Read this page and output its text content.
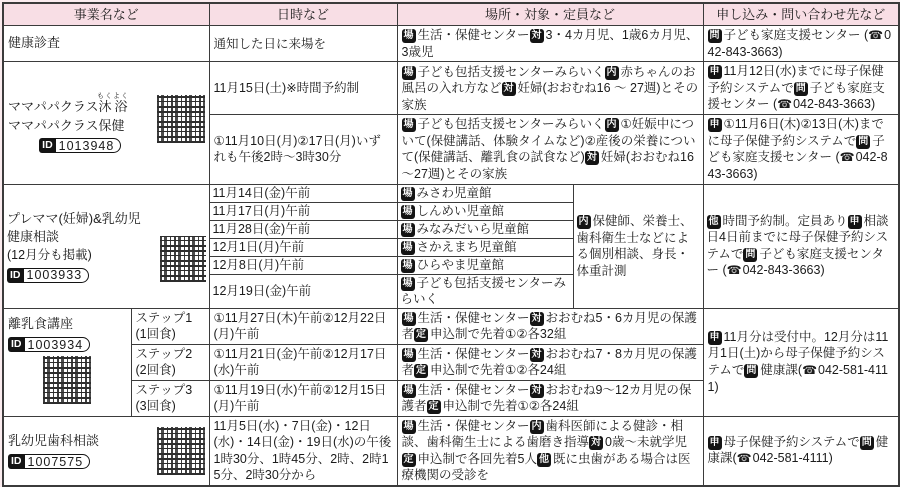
事業名など		日時など	場所・対象・定員など		申し込み・問い合わせ先など
健康診査		通知した日に来場を	場 生活・保健センター 対 3・4カ月児、1歳6カ月児、3歳児		問 子ども家庭支援センター (☎042-843-3663)

ママパパクラス沐浴もくよく
ママパパクラス保健
ID 1013948		11月15日(土)※時間予約制	場 子ども包括支援センターみらいく 内 赤ちゃんのお風呂の入れ方など 対 妊婦(おおむね16 ～ 27週)とその家族		申 11月12日(水)までに母子保健予約システムで 問 子ども家庭支援センター (☎042-843-3663)
		①11月10日(月)②17日(月)いずれも午後2時～3時30分	場 子ども包括支援センターみらいく 内 ①妊娠中について(保健講話、体験タイムなど)②産後の栄養について(保健講話、離乳食の試食など) 対 妊婦(おおむね16～27週)とその家族		申 ①11月6日(木)②13日(木)までに母子保健予約システムで 問 子ども家庭支援センター (☎042-843-3663)

プレママ(妊婦)&乳幼児
健康相談
(12月分も掲載)
ID 1003933		11月14日(金)午前	場 みさわ児童館	内 保健師、栄養士、歯科衛生士などによる個別相談、身長・体重計測	他 時間予約制。定員あり 申 相談日4日前までに母子保健予約システムで 問 子ども家庭支援センター (☎042-843-3663)
		11月17日(月)午前	場 しんめい児童館		
		11月28日(金)午前	場 みなみだいら児童館		
		12月1日(月)午前	場 さかえまち児童館		
		12月8日(月)午前	場 ひらやま児童館		
		12月19日(金)午前	場 子ども包括支援センターみらいく		

離乳食講座
ID 1003934	ステップ1
(1回食)	①11月27日(木)午前②12月22日(月)午前	場 生活・保健センター 対 おおむね5・6カ月児の保護者 定 申込制で先着①②各32組		申 11月分は受付中。12月分は11月1日(土)から母子保健予約システムで 問 健康課(☎042-581-4111)
	ステップ2
(2回食)	①11月21日(金)午前②12月17日(水)午前	場 生活・保健センター 対 おおむね7・8カ月児の保護者 定 申込制で先着①②各24組		
	ステップ3
(3回食)	①11月19日(水)午前②12月15日(月)午前	場 生活・保健センター 対 おおむね9～12カ月児の保護者 定 申込制で先着①②各24組		

乳幼児歯科相談
ID 1007575		11月5日(水)・7日(金)・12日(水)・14日(金)・19日(水)の午後1時30分、1時45分、2時、2時15分、2時30分から	場 生活・保健センター 内 歯科医師による健診・相談、歯科衛生士による歯磨き指導 対 0歳～未就学児定 申込制で各回先着5人 他 既に虫歯がある場合は医療機関の受診を		申 母子保健予約システムで 問 健康課(☎042-581-4111)
